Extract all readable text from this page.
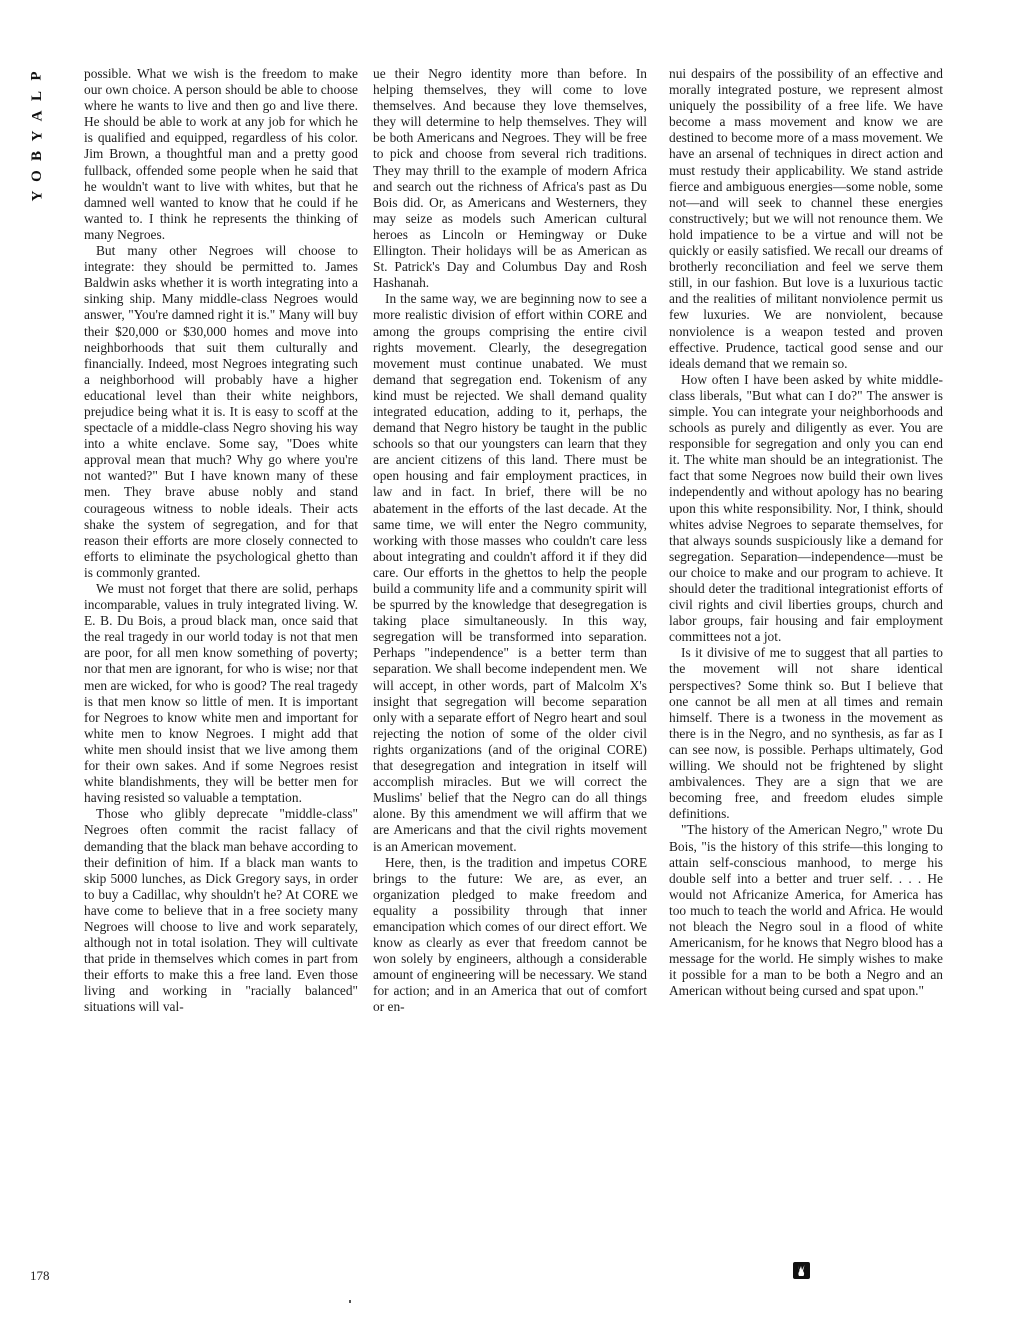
P
L
A
Y
B
O
Y

possible. What we wish is the freedom to make our own choice. A person should be able to choose where he wants to live and then go and live there. He should be able to work at any job for which he is qualified and equipped, regardless of his color. Jim Brown, a thoughtful man and a pretty good fullback, offended some people when he said that he wouldn't want to live with whites, but that he damned well wanted to know that he could if he wanted to. I think he represents the thinking of many Negroes.

But many other Negroes will choose to integrate: they should be permitted to. James Baldwin asks whether it is worth integrating into a sinking ship. Many middle-class Negroes would answer, "You're damned right it is." Many will buy their $20,000 or $30,000 homes and move into neighborhoods that suit them culturally and financially. Indeed, most Negroes integrating such a neighborhood will probably have a higher educational level than their white neighbors, prejudice being what it is. It is easy to scoff at the spectacle of a middle-class Negro shoving his way into a white enclave. Some say, "Does white approval mean that much? Why go where you're not wanted?" But I have known many of these men. They brave abuse nobly and stand courageous witness to noble ideals. Their acts shake the system of segregation, and for that reason their efforts are more closely connected to efforts to eliminate the psychological ghetto than is commonly granted.

We must not forget that there are solid, perhaps incomparable, values in truly integrated living. W. E. B. Du Bois, a proud black man, once said that the real tragedy in our world today is not that men are poor, for all men know something of poverty; nor that men are ignorant, for who is wise; nor that men are wicked, for who is good? The real tragedy is that men know so little of men. It is important for Negroes to know white men and important for white men to know Negroes. I might add that white men should insist that we live among them for their own sakes. And if some Negroes resist white blandishments, they will be better men for having resisted so valuable a temptation.

Those who glibly deprecate "middle-class" Negroes often commit the racist fallacy of demanding that the black man behave according to their definition of him. If a black man wants to skip 5000 lunches, as Dick Gregory says, in order to buy a Cadillac, why shouldn't he? At CORE we have come to believe that in a free society many Negroes will choose to live and work separately, although not in total isolation. They will cultivate that pride in themselves which comes in part from their efforts to make this a free land. Even those living and working in "racially balanced" situations will val-

ue their Negro identity more than before. In helping themselves, they will come to love themselves. And because they love themselves, they will determine to help themselves. They will be both Americans and Negroes. They will be free to pick and choose from several rich traditions. They may thrill to the example of modern Africa and search out the richness of Africa's past as Du Bois did. Or, as Americans and Westerners, they may seize as models such American cultural heroes as Lincoln or Hemingway or Duke Ellington. Their holidays will be as American as St. Patrick's Day and Columbus Day and Rosh Hashanah.

In the same way, we are beginning now to see a more realistic division of effort within CORE and among the groups comprising the entire civil rights movement. Clearly, the desegregation movement must continue unabated. We must demand that segregation end. Tokenism of any kind must be rejected. We shall demand quality integrated education, adding to it, perhaps, the demand that Negro history be taught in the public schools so that our youngsters can learn that they are ancient citizens of this land. There must be open housing and fair employment practices, in law and in fact. In brief, there will be no abatement in the efforts of the last decade. At the same time, we will enter the Negro community, working with those masses who couldn't care less about integrating and couldn't afford it if they did care. Our efforts in the ghettos to help the people build a community life and a community spirit will be spurred by the knowledge that desegregation is taking place simultaneously. In this way, segregation will be transformed into separation. Perhaps "independence" is a better term than separation. We shall become independent men. We will accept, in other words, part of Malcolm X's insight that segregation will become separation only with a separate effort of Negro heart and soul rejecting the notion of some of the older civil rights organizations (and of the original CORE) that desegregation and integration in itself will accomplish miracles. But we will correct the Muslims' belief that the Negro can do all things alone. By this amendment we will affirm that we are Americans and that the civil rights movement is an American movement.

Here, then, is the tradition and impetus CORE brings to the future: We are, as ever, an organization pledged to make freedom and equality a possibility through that inner emancipation which comes of our direct effort. We know as clearly as ever that freedom cannot be won solely by engineers, although a considerable amount of engineering will be necessary. We stand for action; and in an America that out of comfort or en-

nui despairs of the possibility of an effective and morally integrated posture, we represent almost uniquely the possibility of a free life. We have become a mass movement and know we are destined to become more of a mass movement. We have an arsenal of techniques in direct action and must restudy their applicability. We stand astride fierce and ambiguous energies—some noble, some not—and will seek to channel these energies constructively; but we will not renounce them. We hold impatience to be a virtue and will not be quickly or easily satisfied. We recall our dreams of brotherly reconciliation and feel we serve them still, in our fashion. But love is a luxurious tactic and the realities of militant nonviolence permit us few luxuries. We are nonviolent, because nonviolence is a weapon tested and proven effective. Prudence, tactical good sense and our ideals demand that we remain so.

How often I have been asked by white middle-class liberals, "But what can I do?" The answer is simple. You can integrate your neighborhoods and schools as purely and diligently as ever. You are responsible for segregation and only you can end it. The white man should be an integrationist. The fact that some Negroes now build their own lives independently and without apology has no bearing upon this white responsibility. Nor, I think, should whites advise Negroes to separate themselves, for that always sounds suspiciously like a demand for segregation. Separation—independence—must be our choice to make and our program to achieve. It should deter the traditional integrationist efforts of civil rights and civil liberties groups, church and labor groups, fair housing and fair employment committees not a jot.

Is it divisive of me to suggest that all parties to the movement will not share identical perspectives? Some think so. But I believe that one cannot be all men at all times and remain himself. There is a twoness in the movement as there is in the Negro, and no synthesis, as far as I can see now, is possible. Perhaps ultimately, God willing. We should not be frightened by slight ambivalences. They are a sign that we are becoming free, and freedom eludes simple definitions.

"The history of the American Negro," wrote Du Bois, "is the history of this strife—this longing to attain self-conscious manhood, to merge his double self into a better and truer self. . . . He would not Africanize America, for America has too much to teach the world and Africa. He would not bleach the Negro soul in a flood of white Americanism, for he knows that Negro blood has a message for the world. He simply wishes to make it possible for a man to be both a Negro and an American without being cursed and spat upon."

178
